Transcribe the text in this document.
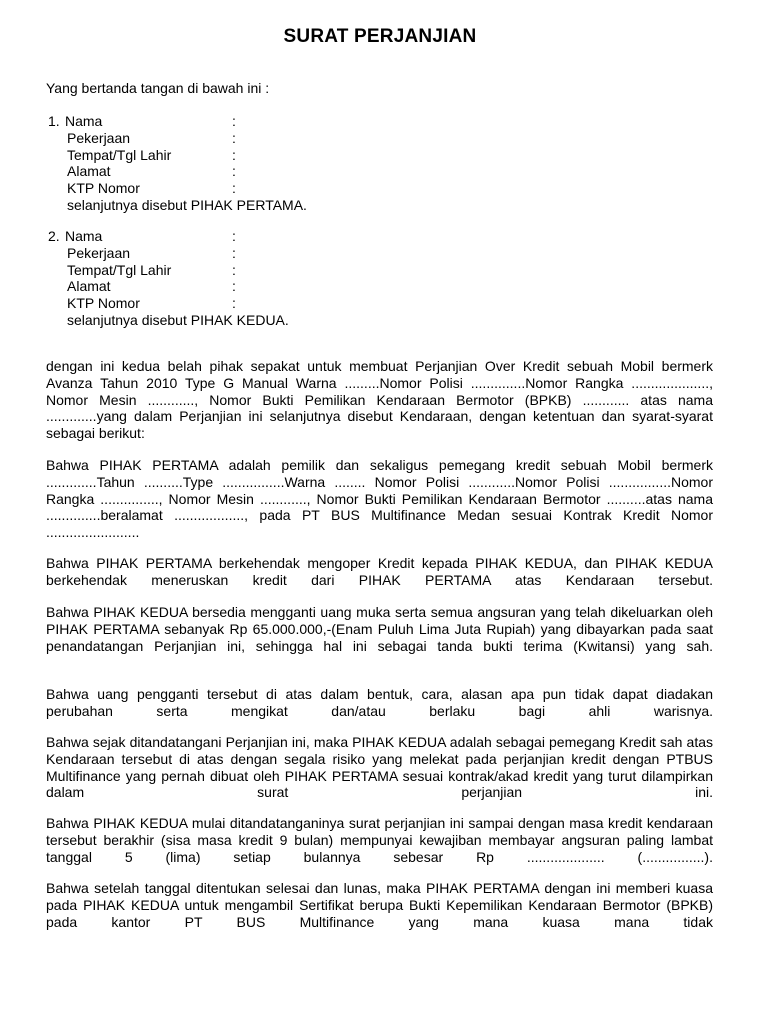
SURAT PERJANJIAN
Yang bertanda tangan di bawah ini :
1. Nama	:
Pekerjaan	:
Tempat/Tgl Lahir	:
Alamat	:
KTP Nomor	:
selanjutnya disebut PIHAK PERTAMA.
2. Nama	:
Pekerjaan	:
Tempat/Tgl Lahir	:
Alamat	:
KTP Nomor	:
selanjutnya disebut PIHAK KEDUA.

dengan ini kedua belah pihak sepakat untuk membuat Perjanjian Over Kredit sebuah Mobil bermerk Avanza Tahun 2010 Type G Manual Warna .........Nomor Polisi ..............Nomor Rangka ...................., Nomor Mesin ............, Nomor Bukti Pemilikan Kendaraan Bermotor (BPKB) ............ atas nama .............yang dalam Perjanjian ini selanjutnya disebut Kendaraan, dengan ketentuan dan syarat-syarat sebagai berikut:

Bahwa PIHAK PERTAMA adalah pemilik dan sekaligus pemegang kredit sebuah Mobil bermerk .............Tahun ..........Type ................Warna ........ Nomor Polisi ............Nomor Polisi ................Nomor Rangka ..............., Nomor Mesin ............, Nomor Bukti Pemilikan Kendaraan Bermotor ..........atas nama ..............beralamat .................., pada PT BUS Multifinance Medan sesuai Kontrak Kredit Nomor ........................

Bahwa PIHAK PERTAMA berkehendak mengoper Kredit kepada PIHAK KEDUA, dan PIHAK KEDUA berkehendak meneruskan kredit dari PIHAK PERTAMA atas Kendaraan tersebut.

Bahwa PIHAK KEDUA bersedia mengganti uang muka serta semua angsuran yang telah dikeluarkan oleh PIHAK PERTAMA sebanyak Rp 65.000.000,-(Enam Puluh Lima Juta Rupiah) yang dibayarkan pada saat penandatangan Perjanjian ini, sehingga hal ini sebagai tanda bukti terima (Kwitansi) yang sah.

Bahwa uang pengganti tersebut di atas dalam bentuk, cara, alasan apa pun tidak dapat diadakan perubahan serta mengikat dan/atau berlaku bagi ahli warisnya.

Bahwa sejak ditandatangani Perjanjian ini, maka PIHAK KEDUA adalah sebagai pemegang Kredit sah atas Kendaraan tersebut di atas dengan segala risiko yang melekat pada perjanjian kredit dengan PTBUS Multifinance yang pernah dibuat oleh PIHAK PERTAMA sesuai kontrak/akad kredit yang turut dilampirkan dalam surat perjanjian ini.

Bahwa PIHAK KEDUA mulai ditandatanganinya surat perjanjian ini sampai dengan masa kredit kendaraan tersebut berakhir (sisa masa kredit 9 bulan) mempunyai kewajiban membayar angsuran paling lambat tanggal 5 (lima) setiap bulannya sebesar Rp .................... (................).

Bahwa setelah tanggal ditentukan selesai dan lunas, maka PIHAK PERTAMA dengan ini memberi kuasa pada PIHAK KEDUA untuk mengambil Sertifikat berupa Bukti Kepemilikan Kendaraan Bermotor (BPKB) pada kantor PT BUS Multifinance yang mana kuasa mana tidak
